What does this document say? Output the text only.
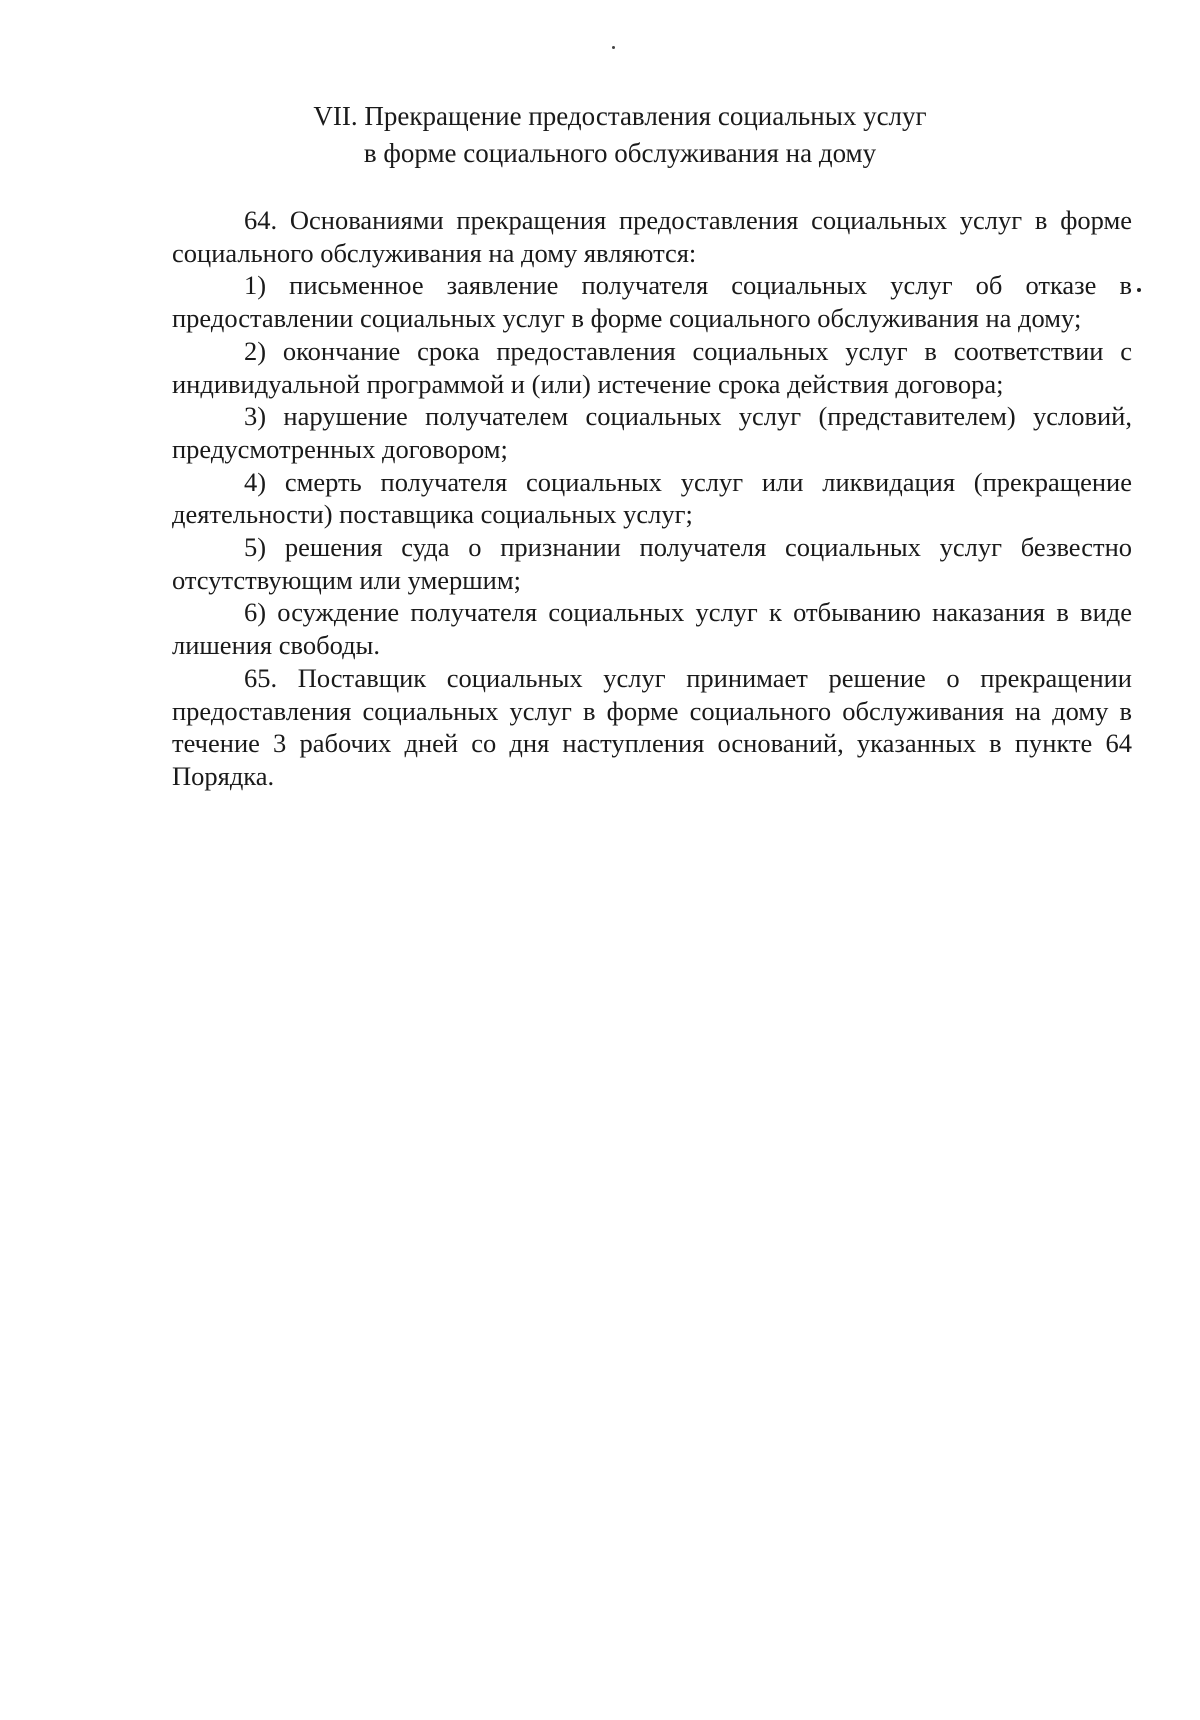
VII. Прекращение предоставления социальных услуг
в форме социального обслуживания на дому

64. Основаниями прекращения предоставления социальных услуг в форме социального обслуживания на дому являются:

1) письменное заявление получателя социальных услуг об отказе в предоставлении социальных услуг в форме социального обслуживания на дому;

2) окончание срока предоставления социальных услуг в соответствии с индивидуальной программой и (или) истечение срока действия договора;

3) нарушение получателем социальных услуг (представителем) условий, предусмотренных договором;

4) смерть получателя социальных услуг или ликвидация (прекращение деятельности) поставщика социальных услуг;

5) решения суда о признании получателя социальных услуг безвестно отсутствующим или умершим;

6) осуждение получателя социальных услуг к отбыванию наказания в виде лишения свободы.

65. Поставщик социальных услуг принимает решение о прекращении предоставления социальных услуг в форме социального обслуживания на дому в течение 3 рабочих дней со дня наступления оснований, указанных в пункте 64 Порядка.
